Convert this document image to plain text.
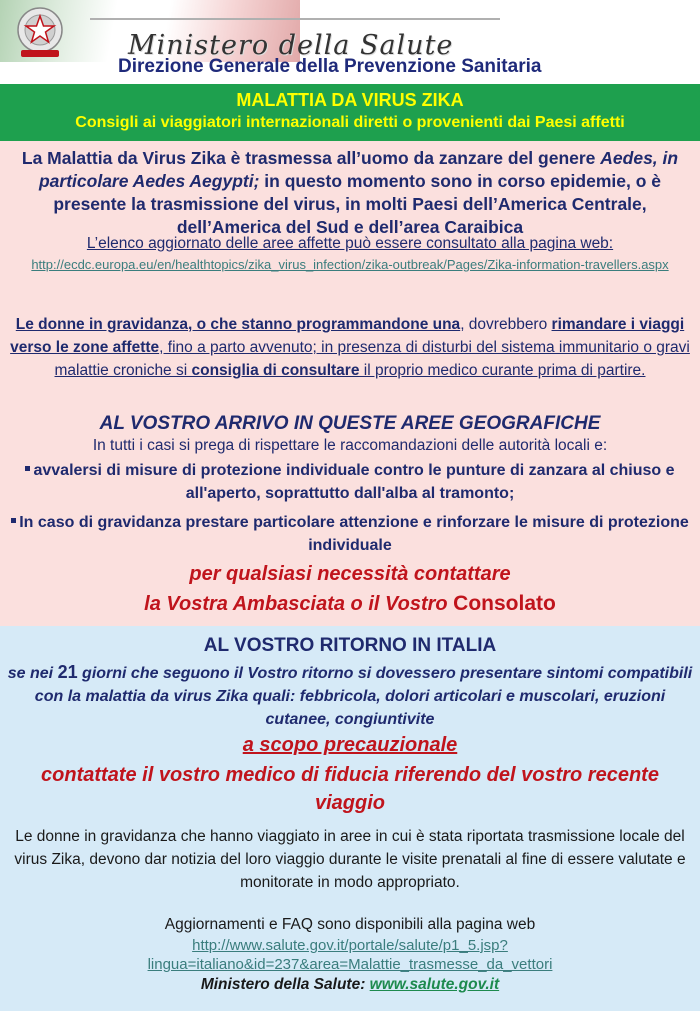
Ministero della Salute
Direzione Generale della Prevenzione Sanitaria
MALATTIA DA VIRUS ZIKA
Consigli ai viaggiatori internazionali diretti o provenienti dai Paesi affetti
La Malattia da Virus Zika è trasmessa all’uomo da zanzare del genere Aedes, in particolare Aedes Aegypti; in questo momento sono in corso epidemie, o è presente la trasmissione del virus, in molti Paesi dell’America Centrale, dell’America del Sud e dell’area Caraibica
L’elenco aggiornato delle aree affette può essere consultato alla pagina web:
http://ecdc.europa.eu/en/healthtopics/zika_virus_infection/zika-outbreak/Pages/Zika-information-travellers.aspx
Le donne in gravidanza, o che stanno programmandone una, dovrebbero rimandare i viaggi verso le zone affette, fino a parto avvenuto; in presenza di disturbi del sistema immunitario o gravi malattie croniche si consiglia di consultare il proprio medico curante prima di partire.
AL VOSTRO ARRIVO IN QUESTE AREE GEOGRAFICHE
In tutti i casi si prega di rispettare le raccomandazioni delle autorità locali e:
avvalersi di misure di protezione individuale contro le punture di zanzara al chiuso e all'aperto, soprattutto dall'alba al tramonto;
In caso di gravidanza prestare particolare attenzione e rinforzare le misure di protezione individuale
per qualsiasi necessità contattare
la Vostra Ambasciata o il Vostro Consolato
AL VOSTRO RITORNO IN ITALIA
se nei 21 giorni che seguono il Vostro ritorno si dovessero presentare sintomi compatibili con la malattia da virus Zika quali: febbricola, dolori articolari e muscolari, eruzioni cutanee, congiuntivite
a scopo precauzionale
contattate il vostro medico di fiducia riferendo del vostro recente viaggio
Le donne in gravidanza che hanno viaggiato in aree in cui è stata riportata trasmissione locale del virus Zika, devono dar notizia del loro viaggio durante le visite prenatali al fine di essere valutate e monitorate in modo appropriato.
Aggiornamenti e FAQ sono disponibili alla pagina web
http://www.salute.gov.it/portale/salute/p1_5.jsp?lingua=italiano&id=237&area=Malattie_trasmesse_da_vettori
Ministero della Salute: www.salute.gov.it
